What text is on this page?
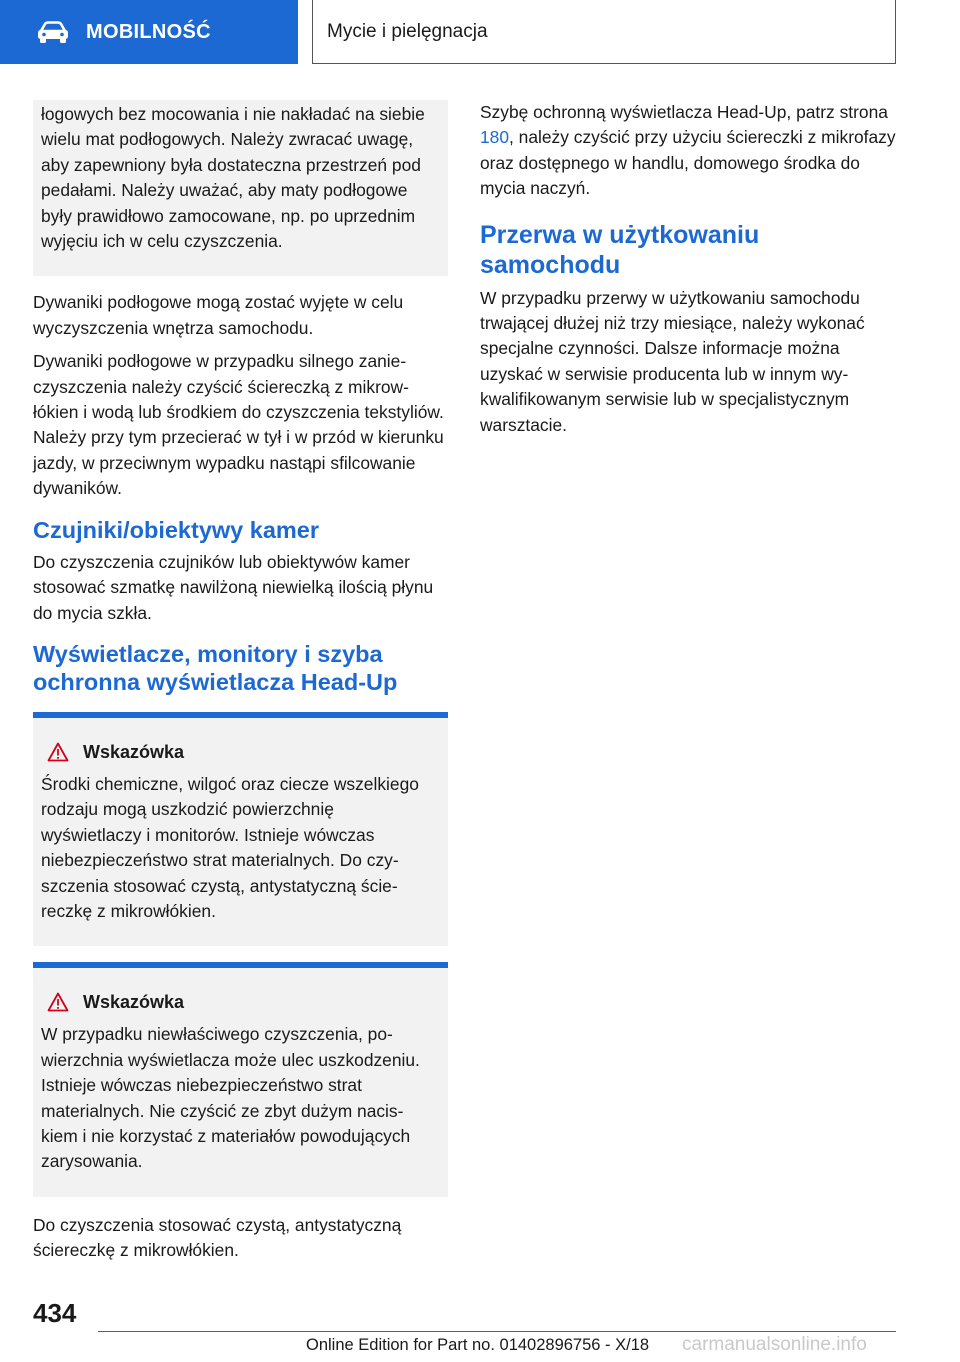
MOBILNOŚĆ	Mycie i pielęgnacja

łogowych bez mocowania i nie nakładać na siebie wielu mat podłogowych. Należy zwracać uwagę, aby zapewniony była dostateczna przestrzeń pod pedałami. Należy uważać, aby maty podłogowe były prawidłowo zamocowane, np. po uprzednim wyjęciu ich w celu czyszczenia.

Dywaniki podłogowe mogą zostać wyjęte w celu wyczyszczenia wnętrza samochodu.

Dywaniki podłogowe w przypadku silnego zanieczyszczenia należy czyścić ściereczką z mikrowłókien i wodą lub środkiem do czyszczenia tekstyliów. Należy przy tym przecierać w tył i w przód w kierunku jazdy, w przeciwnym wypadku nastąpi sfilcowanie dywaników.

Czujniki/obiektywy kamer

Do czyszczenia czujników lub obiektywów kamer stosować szmatkę nawilżoną niewielką ilością płynu do mycia szkła.

Wyświetlacze, monitory i szyba ochronna wyświetlacza Head-Up
Wskazówka

Środki chemiczne, wilgoć oraz ciecze wszelkiego rodzaju mogą uszkodzić powierzchnię wyświetlaczy i monitorów. Istnieje wówczas niebezpieczeństwo strat materialnych. Do czyszczenia stosować czystą, antystatyczną ściereczkę z mikrowłókien.

Wskazówka

W przypadku niewłaściwego czyszczenia, powierzchnia wyświetlacza może ulec uszkodzeniu. Istnieje wówczas niebezpieczeństwo strat materialnych. Nie czyścić ze zbyt dużym naciskiem i nie korzystać z materiałów powodujących zarysowania.

Do czyszczenia stosować czystą, antystatyczną ściereczkę z mikrowłókien.

Szybę ochronną wyświetlacza Head-Up, patrz strona 180, należy czyścić przy użyciu ściereczki z mikrofazy oraz dostępnego w handlu, domowego środka do mycia naczyń.

Przerwa w użytkowaniu samochodu

W przypadku przerwy w użytkowaniu samochodu trwającej dłużej niż trzy miesiące, należy wykonać specjalne czynności. Dalsze informacje można uzyskać w serwisie producenta lub w innym wykwalifikowanym serwisie lub w specjalistycznym warsztacie.

434
Online Edition for Part no. 01402896756 - X/18 carmanualsonline.info
